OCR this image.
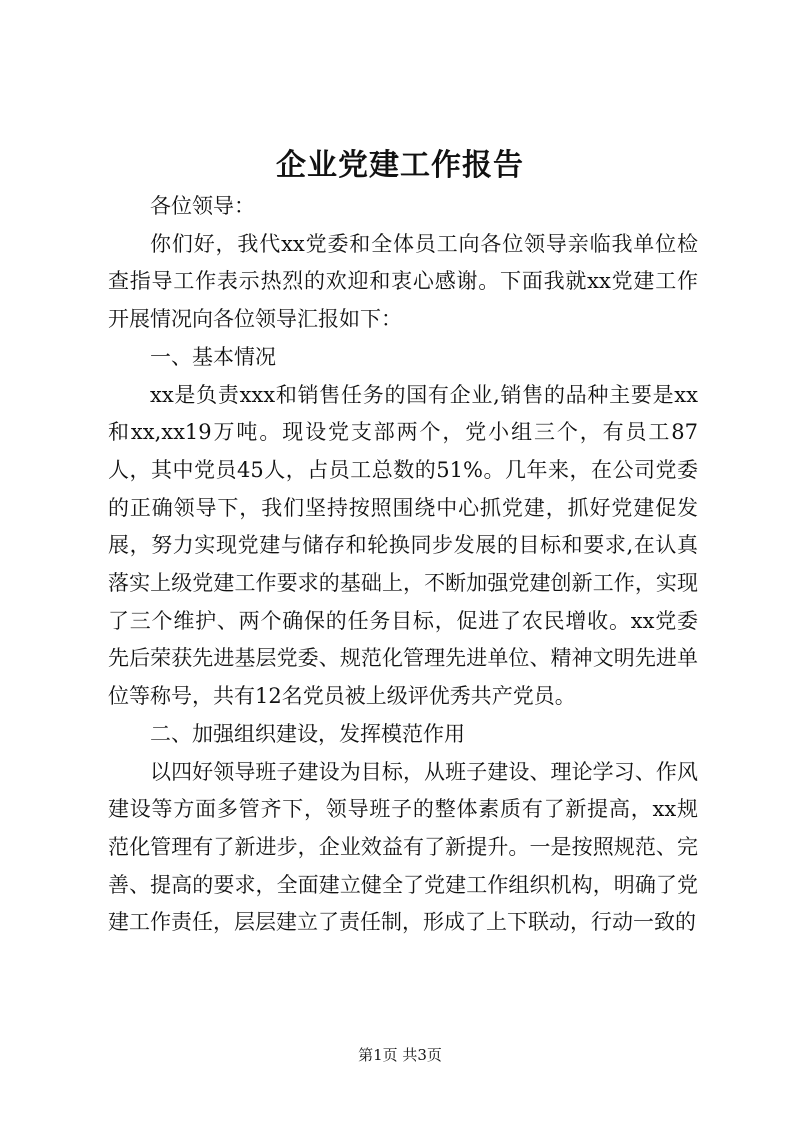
企业党建工作报告

各位领导：

你们好，我代xx党委和全体员工向各位领导亲临我单位检查指导工作表示热烈的欢迎和衷心感谢。下面我就xx党建工作开展情况向各位领导汇报如下：

一、基本情况

xx是负责xxx和销售任务的国有企业,销售的品种主要是xx和xx,xx19万吨。现设党支部两个，党小组三个，有员工87人，其中党员45人，占员工总数的51%。几年来，在公司党委的正确领导下，我们坚持按照围绕中心抓党建，抓好党建促发展，努力实现党建与储存和轮换同步发展的目标和要求,在认真落实上级党建工作要求的基础上，不断加强党建创新工作，实现了三个维护、两个确保的任务目标，促进了农民增收。xx党委先后荣获先进基层党委、规范化管理先进单位、精神文明先进单位等称号，共有12名党员被上级评优秀共产党员。

二、加强组织建设，发挥模范作用

以四好领导班子建设为目标，从班子建设、理论学习、作风建设等方面多管齐下，领导班子的整体素质有了新提高，xx规范化管理有了新进步，企业效益有了新提升。一是按照规范、完善、提高的要求，全面建立健全了党建工作组织机构，明确了党建工作责任，层层建立了责任制，形成了上下联动，行动一致的

第1页 共3页
